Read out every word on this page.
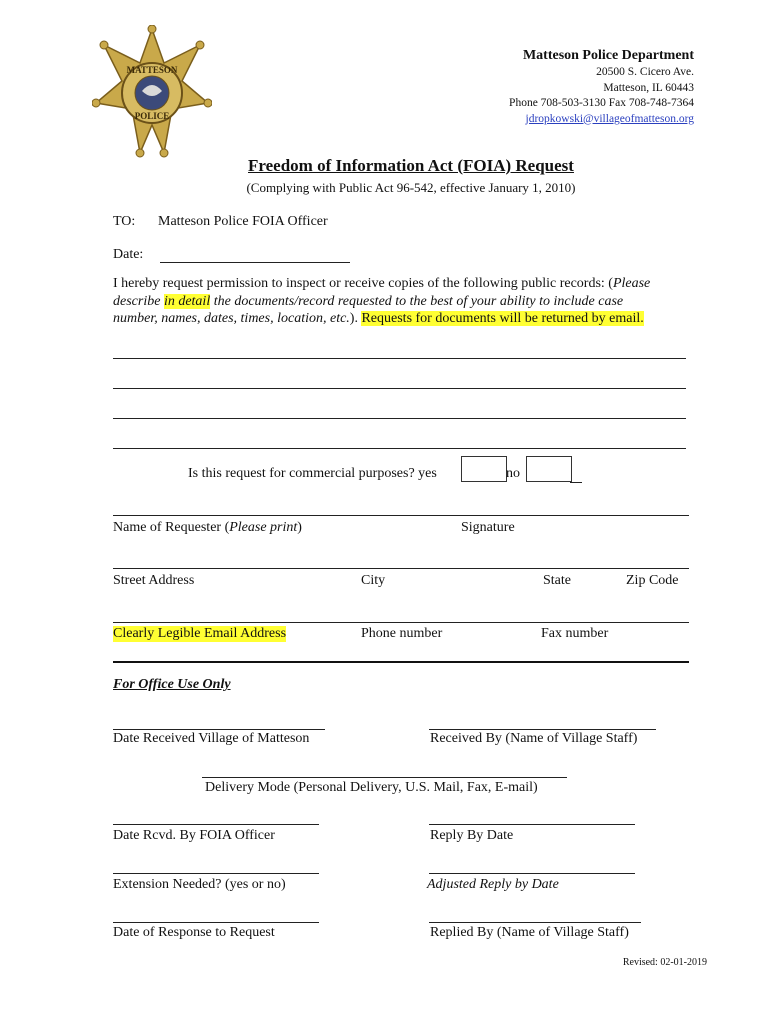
MATTESON
POLICE
Matteson Police Department
20500 S. Cicero Ave.
Matteson, IL 60443
Phone 708-503-3130 Fax 708-748-7364
jdropkowski@villageofmatteson.org
Freedom of Information Act (FOIA) Request
(Complying with Public Act 96-542, effective January 1, 2010)
TO: Matteson Police FOIA Officer
Date:
I hereby request permission to inspect or receive copies of the following public records: (Please
describe in detail the documents/record requested to the best of your ability to include case
number, names, dates, times, location, etc.). Requests for documents will be returned by email.
Is this request for commercial purposes? yes	no
Name of Requester (Please print)	Signature
Street Address	City	State	Zip Code
Clearly Legible Email Address	Phone number	Fax number
For Office Use Only
Date Received Village of Matteson	Received By (Name of Village Staff)
Delivery Mode (Personal Delivery, U.S. Mail, Fax, E-mail)
Date Rcvd. By FOIA Officer	Reply By Date
Extension Needed? (yes or no)	Adjusted Reply by Date
Date of Response to Request	Replied By (Name of Village Staff)
Revised: 02-01-2019
